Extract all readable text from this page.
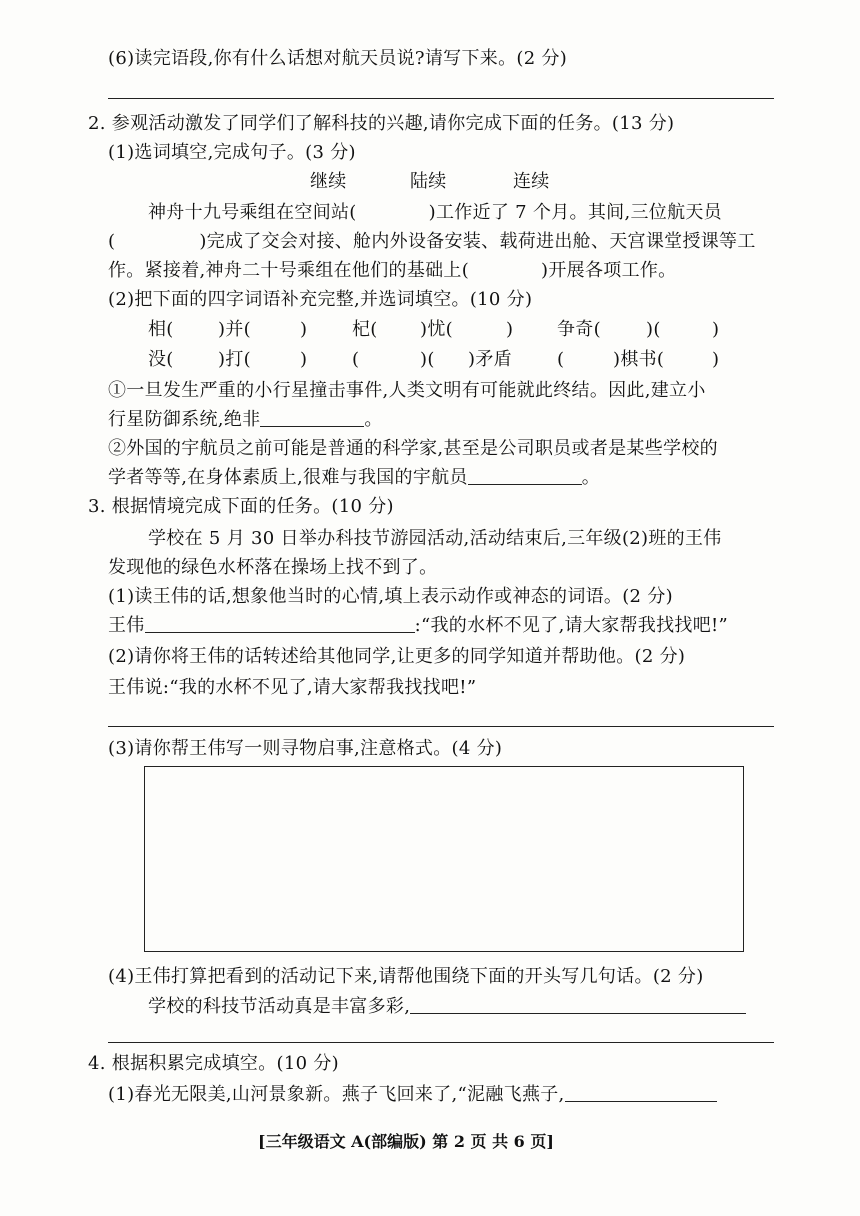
(6)读完语段,你有什么话想对航天员说?请写下来。(2 分)
2. 参观活动激发了同学们了解科技的兴趣,请你完成下面的任务。(13 分)
(1)选词填空,完成句子。(3 分)
继续	陆续	连续
神舟十九号乘组在空间站(	)工作近了 7 个月。其间,三位航天员
(	)完成了交会对接、舱内外设备安装、载荷进出舱、天宫课堂授课等工
作。紧接着,神舟二十号乘组在他们的基础上(	)开展各项工作。
(2)把下面的四字词语补充完整,并选词填空。(10 分)
相( )并(	) 杞( )忧(	) 争奇(	)(	)
没( )打(	) (	)( )矛盾	(	)棋书(	)
①一旦发生严重的小行星撞击事件,人类文明有可能就此终结。因此,建立小
行星防御系统,绝非	。
②外国的宇航员之前可能是普通的科学家,甚至是公司职员或者是某些学校的
学者等等,在身体素质上,很难与我国的宇航员	。
3. 根据情境完成下面的任务。(10 分)
学校在 5 月 30 日举办科技节游园活动,活动结束后,三年级(2)班的王伟
发现他的绿色水杯落在操场上找不到了。
(1)读王伟的话,想象他当时的心情,填上表示动作或神态的词语。(2 分)
王伟	:“我的水杯不见了,请大家帮我找找吧!”
(2)请你将王伟的话转述给其他同学,让更多的同学知道并帮助他。(2 分)
王伟说:“我的水杯不见了,请大家帮我找找吧!”
(3)请你帮王伟写一则寻物启事,注意格式。(4 分)
(4)王伟打算把看到的活动记下来,请帮他围绕下面的开头写几句话。(2 分)
学校的科技节活动真是丰富多彩,
4. 根据积累完成填空。(10 分)
(1)春光无限美,山河景象新。燕子飞回来了,“泥融飞燕子,
[三年级语文 A(部编版) 第 2 页 共 6 页]
